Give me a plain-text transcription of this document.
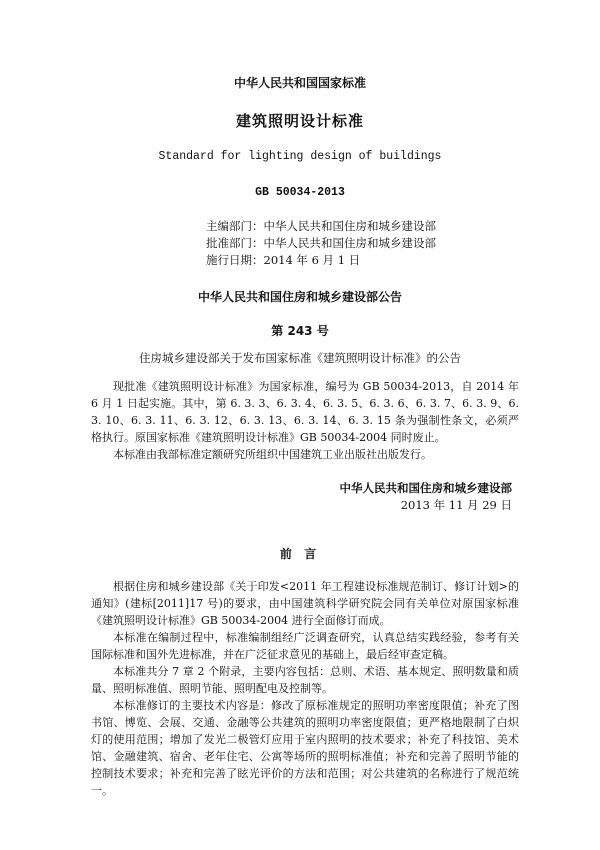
中华人民共和国国家标准
建筑照明设计标准
Standard for lighting design of buildings
GB 50034-2013
主编部门：中华人民共和国住房和城乡建设部
批准部门：中华人民共和国住房和城乡建设部
施行日期：2014 年 6 月 1 日
中华人民共和国住房和城乡建设部公告
第 243 号
住房城乡建设部关于发布国家标准《建筑照明设计标准》的公告

现批准《建筑照明设计标准》为国家标准，编号为 GB 50034-2013，自 2014 年 6 月 1 日起实施。其中，第 6. 3. 3、6. 3. 4、6. 3. 5、6. 3. 6、6. 3. 7、6. 3. 9、6. 3. 10、6. 3. 11、6. 3. 12、6. 3. 13、6. 3. 14、6. 3. 15 条为强制性条文，必须严格执行。原国家标准《建筑照明设计标准》GB 50034-2004 同时废止。

本标准由我部标准定额研究所组织中国建筑工业出版社出版发行。

中华人民共和国住房和城乡建设部
2013 年 11 月 29 日
前 言

根据住房和城乡建设部《关于印发<2011 年工程建设标准规范制订、修订计划>的通知》(建标[2011]17 号)的要求，由中国建筑科学研究院会同有关单位对原国家标准《建筑照明设计标准》GB 50034-2004 进行全面修订而成。

本标准在编制过程中，标准编制组经广泛调查研究，认真总结实践经验，参考有关国际标准和国外先进标准，并在广泛征求意见的基础上，最后经审查定稿。

本标准共分 7 章 2 个附录，主要内容包括：总则、术语、基本规定、照明数量和质量、照明标准值、照明节能、照明配电及控制等。

本标准修订的主要技术内容是：修改了原标准规定的照明功率密度限值；补充了图书馆、博览、会展、交通、金融等公共建筑的照明功率密度限值；更严格地限制了白炽灯的使用范围；增加了发光二极管灯应用于室内照明的技术要求；补充了科技馆、美术馆、金融建筑、宿舍、老年住宅、公寓等场所的照明标准值；补充和完善了照明节能的控制技术要求；补充和完善了眩光评价的方法和范围；对公共建筑的名称进行了规范统一。
